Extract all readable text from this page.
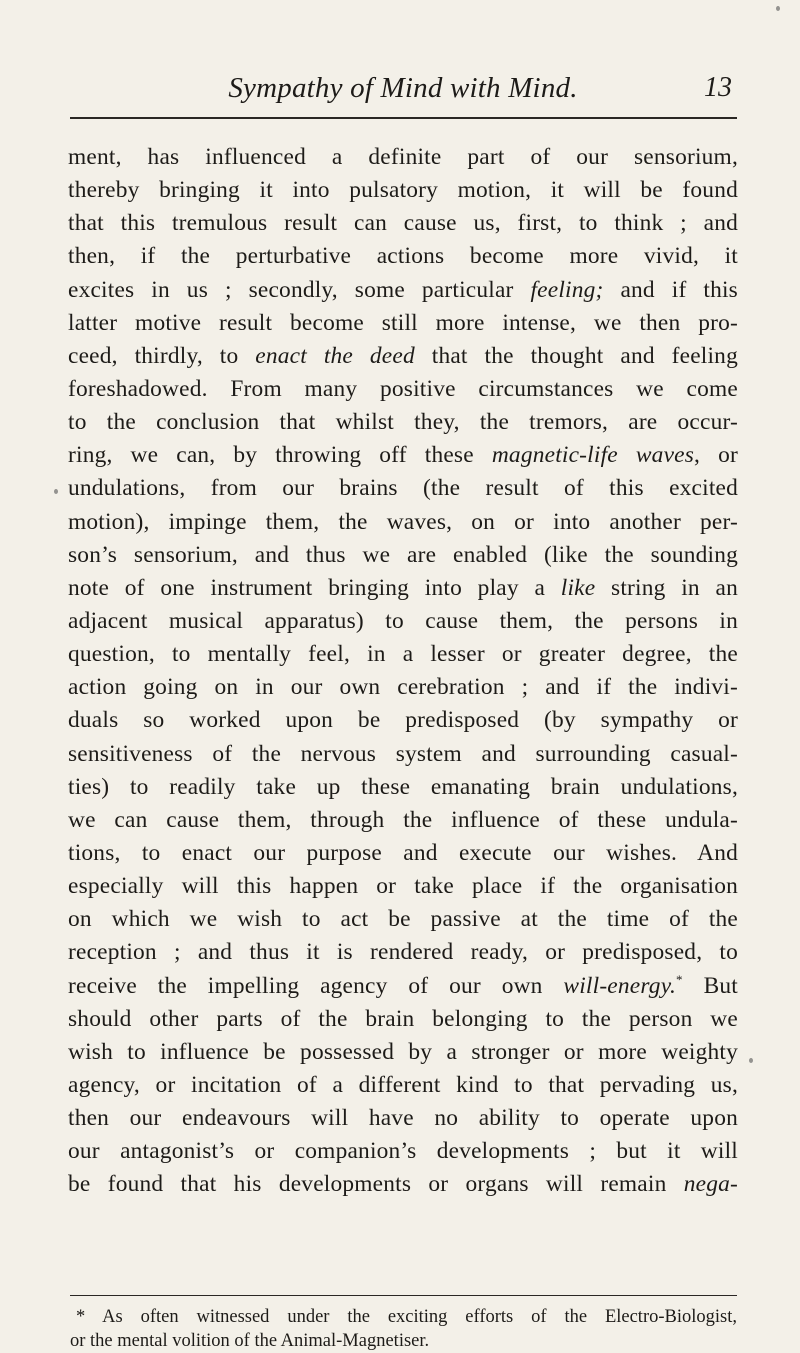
Sympathy of Mind with Mind.	13
ment, has influenced a definite part of our sensorium,
thereby bringing it into pulsatory motion, it will be found
that this tremulous result can cause us, first, to think ; and
then, if the perturbative actions become more vivid, it
excites in us ; secondly, some particular feeling; and if this
latter motive result become still more intense, we then pro-
ceed, thirdly, to enact the deed that the thought and feeling
foreshadowed. From many positive circumstances we come
to the conclusion that whilst they, the tremors, are occur-
ring, we can, by throwing off these magnetic-life waves, or
undulations, from our brains (the result of this excited
motion), impinge them, the waves, on or into another per-
son’s sensorium, and thus we are enabled (like the sounding
note of one instrument bringing into play a like string in an
adjacent musical apparatus) to cause them, the persons in
question, to mentally feel, in a lesser or greater degree, the
action going on in our own cerebration ; and if the indivi-
duals so worked upon be predisposed (by sympathy or
sensitiveness of the nervous system and surrounding casual-
ties) to readily take up these emanating brain undulations,
we can cause them, through the influence of these undula-
tions, to enact our purpose and execute our wishes. And
especially will this happen or take place if the organisation
on which we wish to act be passive at the time of the
reception ; and thus it is rendered ready, or predisposed, to
receive the impelling agency of our own will-energy.* But
should other parts of the brain belonging to the person we
wish to influence be possessed by a stronger or more weighty
agency, or incitation of a different kind to that pervading us,
then our endeavours will have no ability to operate upon
our antagonist’s or companion’s developments ; but it will
be found that his developments or organs will remain nega-
* As often witnessed under the exciting efforts of the Electro-Biologist,
or the mental volition of the Animal-Magnetiser.
